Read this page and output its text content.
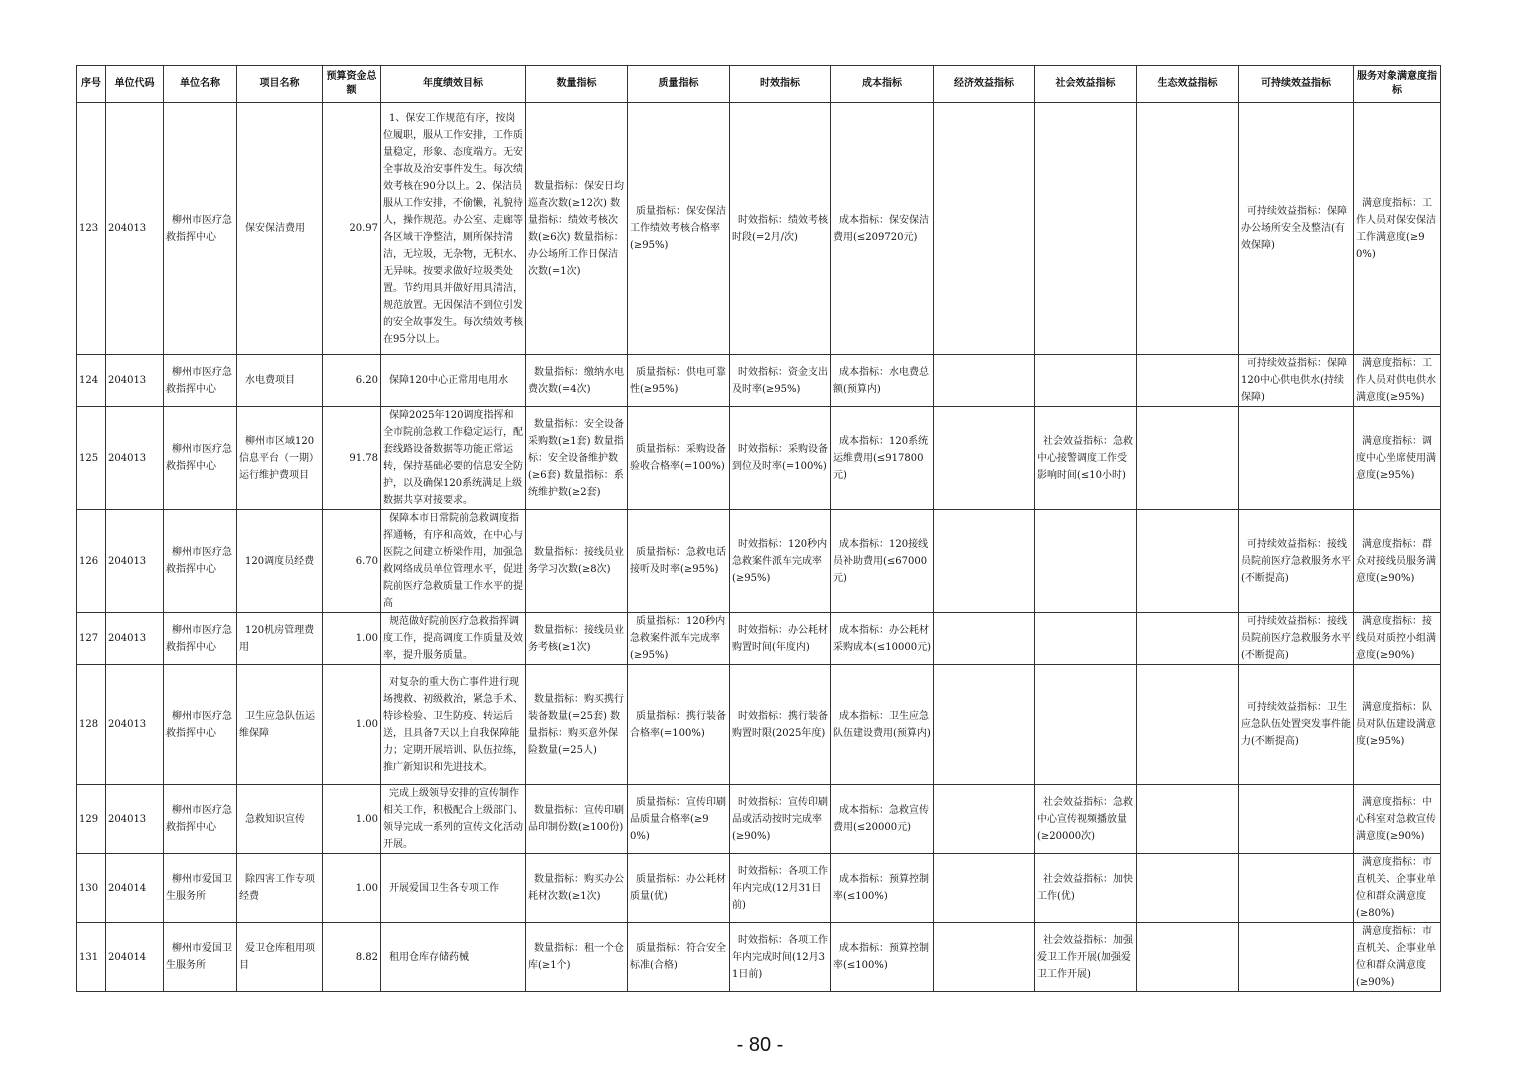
序号	单位代码	单位名称	项目名称	预算资金总额	年度绩效目标	数量指标	质量指标	时效指标	成本指标	经济效益指标	社会效益指标	生态效益指标	可持续效益指标	服务对象满意度指标
123	204013	柳州市医疗急救指挥中心	保安保洁费用	20.97	1、保安工作规范有序，按岗位履职，服从工作安排，工作质量稳定，形象、态度端方。无安全事故及治安事件发生。每次绩效考核在90分以上。2、保洁员服从工作安排，不偷懒，礼貌待人，操作规范。办公室、走廊等各区域干净整洁，厕所保持清洁，无垃圾，无杂物，无积水、无异味。按要求做好垃圾类处置。节约用具并做好用具清洁，规范放置。无因保洁不到位引发的安全故事发生。每次绩效考核在95分以上。	数量指标：保安日均巡查次数(≥12次) 数量指标：绩效考核次数(≥6次) 数量指标：办公场所工作日保洁次数(=1次)	质量指标：保安保洁工作绩效考核合格率(≥95%)	时效指标：绩效考核时段(=2月/次)	成本指标：保安保洁费用(≤209720元)				可持续效益指标：保障办公场所安全及整洁(有效保障)	满意度指标：工作人员对保安保洁工作满意度(≥90%)
124	204013	柳州市医疗急救指挥中心	水电费项目	6.20	保障120中心正常用电用水	数量指标：缴纳水电费次数(=4次)	质量指标：供电可靠性(≥95%)	时效指标：资金支出及时率(≥95%)	成本指标：水电费总额(预算内)				可持续效益指标：保障120中心供电供水(持续保障)	满意度指标：工作人员对供电供水满意度(≥95%)
125	204013	柳州市医疗急救指挥中心	柳州市区域120信息平台（一期）运行维护费项目	91.78	保障2025年120调度指挥和全市院前急救工作稳定运行，配套线路设备数据等功能正常运转，保持基础必要的信息安全防护，以及确保120系统满足上级数据共享对接要求。	数量指标：安全设备采购数(≥1套) 数量指标：安全设备维护数(≥6套) 数量指标：系统维护数(≥2套)	质量指标：采购设备验收合格率(=100%)	时效指标：采购设备到位及时率(=100%)	成本指标：120系统运维费用(≤917800元)		社会效益指标：急救中心接警调度工作受影响时间(≤10小时)			满意度指标：调度中心坐席使用满意度(≥95%)
126	204013	柳州市医疗急救指挥中心	120调度员经费	6.70	保障本市日常院前急救调度指挥通畅，有序和高效，在中心与医院之间建立桥梁作用，加强急救网络成员单位管理水平，促进院前医疗急救质量工作水平的提高	数量指标：接线员业务学习次数(≥8次)	质量指标：急救电话接听及时率(≥95%)	时效指标：120秒内急救案件派车完成率(≥95%)	成本指标：120接线员补助费用(≤67000元)				可持续效益指标：接线员院前医疗急救服务水平(不断提高)	满意度指标：群众对接线员服务满意度(≥90%)
127	204013	柳州市医疗急救指挥中心	120机房管理费用	1.00	规范做好院前医疗急救指挥调度工作，提高调度工作质量及效率，提升服务质量。	数量指标：接线员业务考核(≥1次)	质量指标：120秒内急救案件派车完成率(≥95%)	时效指标：办公耗材购置时间(年度内)	成本指标：办公耗材采购成本(≤10000元)				可持续效益指标：接线员院前医疗急救服务水平(不断提高)	满意度指标：接线员对质控小组满意度(≥90%)
128	204013	柳州市医疗急救指挥中心	卫生应急队伍运维保障	1.00	对复杂的重大伤亡事件进行现场搜救、初级救治，紧急手术、特诊检验、卫生防疫、转运后送，且具备7天以上自我保障能力；定期开展培训、队伍拉练，推广新知识和先进技术。	数量指标：购买携行装备数量(=25套) 数量指标：购买意外保险数量(=25人)	质量指标：携行装备合格率(=100%)	时效指标：携行装备购置时限(2025年度)	成本指标：卫生应急队伍建设费用(预算内)				可持续效益指标：卫生应急队伍处置突发事件能力(不断提高)	满意度指标：队员对队伍建设满意度(≥95%)
129	204013	柳州市医疗急救指挥中心	急救知识宣传	1.00	完成上级领导安排的宣传制作相关工作，积极配合上级部门、领导完成一系列的宣传文化活动开展。	数量指标：宣传印刷品印制份数(≥100份)	质量指标：宣传印刷品质量合格率(≥90%)	时效指标：宣传印刷品或活动按时完成率(≥90%)	成本指标：急救宣传费用(≤20000元)		社会效益指标：急救中心宣传视频播放量(≥20000次)			满意度指标：中心科室对急救宣传满意度(≥90%)
130	204014	柳州市爱国卫生服务所	除四害工作专项经费	1.00	开展爱国卫生各专项工作	数量指标：购买办公耗材次数(≥1次)	质量指标：办公耗材质量(优)	时效指标：各项工作年内完成(12月31日前)	成本指标：预算控制率(≤100%)		社会效益指标：加快工作(优)			满意度指标：市直机关、企事业单位和群众满意度(≥80%)
131	204014	柳州市爱国卫生服务所	爱卫仓库租用项目	8.82	租用仓库存储药械	数量指标：租一个仓库(≥1个)	质量指标：符合安全标准(合格)	时效指标：各项工作年内完成时间(12月31日前)	成本指标：预算控制率(≤100%)		社会效益指标：加强爱卫工作开展(加强爱卫工作开展)			满意度指标：市直机关、企事业单位和群众满意度(≥90%)
- 80 -
